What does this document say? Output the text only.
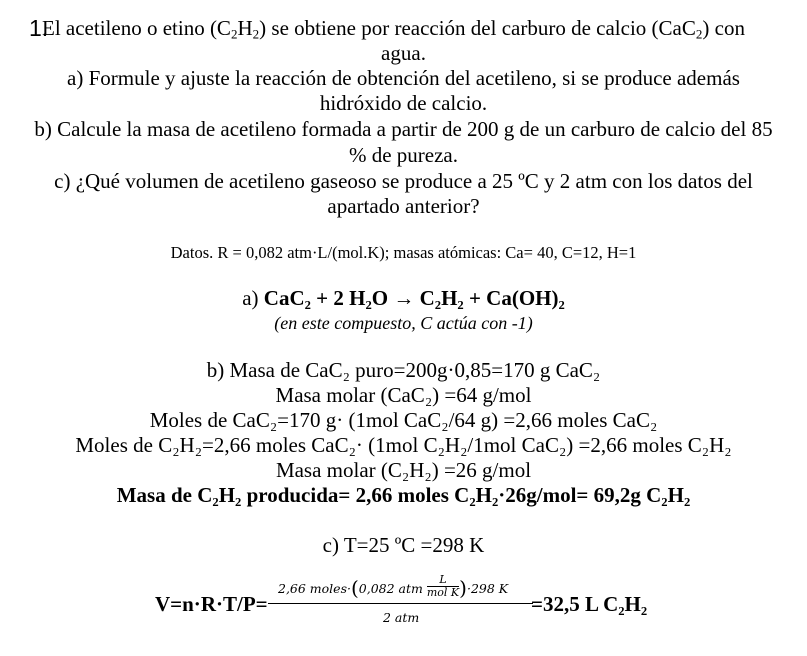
1.
El acetileno o etino $(C_2H_2)$ se obtiene por reacción del carburo de calcio (CaC$_2$) con
agua.
a) Formule y ajuste la reacción de obtención del acetileno, si se produce además
hidróxido de calcio.
b) Calcule la masa de acetileno formada a partir de 200 g de un carburo de calcio del 85
% de pureza.
c) ¿Qué volumen de acetileno gaseoso se produce a 25 ºC y 2 atm con los datos del
apartado anterior?
Datos. R = 0,082 atm·L/(mol.K); masas atómicas: Ca= 40, C=12, H=1
a) CaC₂ + 2 H₂O → C₂H₂ + Ca(OH)₂
(en este compuesto, C actúa con -1)
b) Masa de CaC₂ puro=200g·0,85=170 g CaC₂
Masa molar (CaC₂) =64 g/mol
Moles de CaC₂=170 g· (1mol CaC₂/64 g) =2,66 moles CaC₂
Moles de C₂H₂=2,66 moles CaC₂· (1mol C₂H₂/1mol CaC₂) =2,66 moles C₂H₂
Masa molar (C₂H₂) =26 g/mol
Masa de C₂H₂ producida= 2,66 moles C₂H₂·26g/mol= 69,2g C₂H₂
c) T=25 ºC =298 K
V=n·R·T/P=
2,66 moles·(0,082 atm $\frac{L}{\text{mol K}} )\cdot 298$ K
2 atm
=32,5 L C₂H₂
